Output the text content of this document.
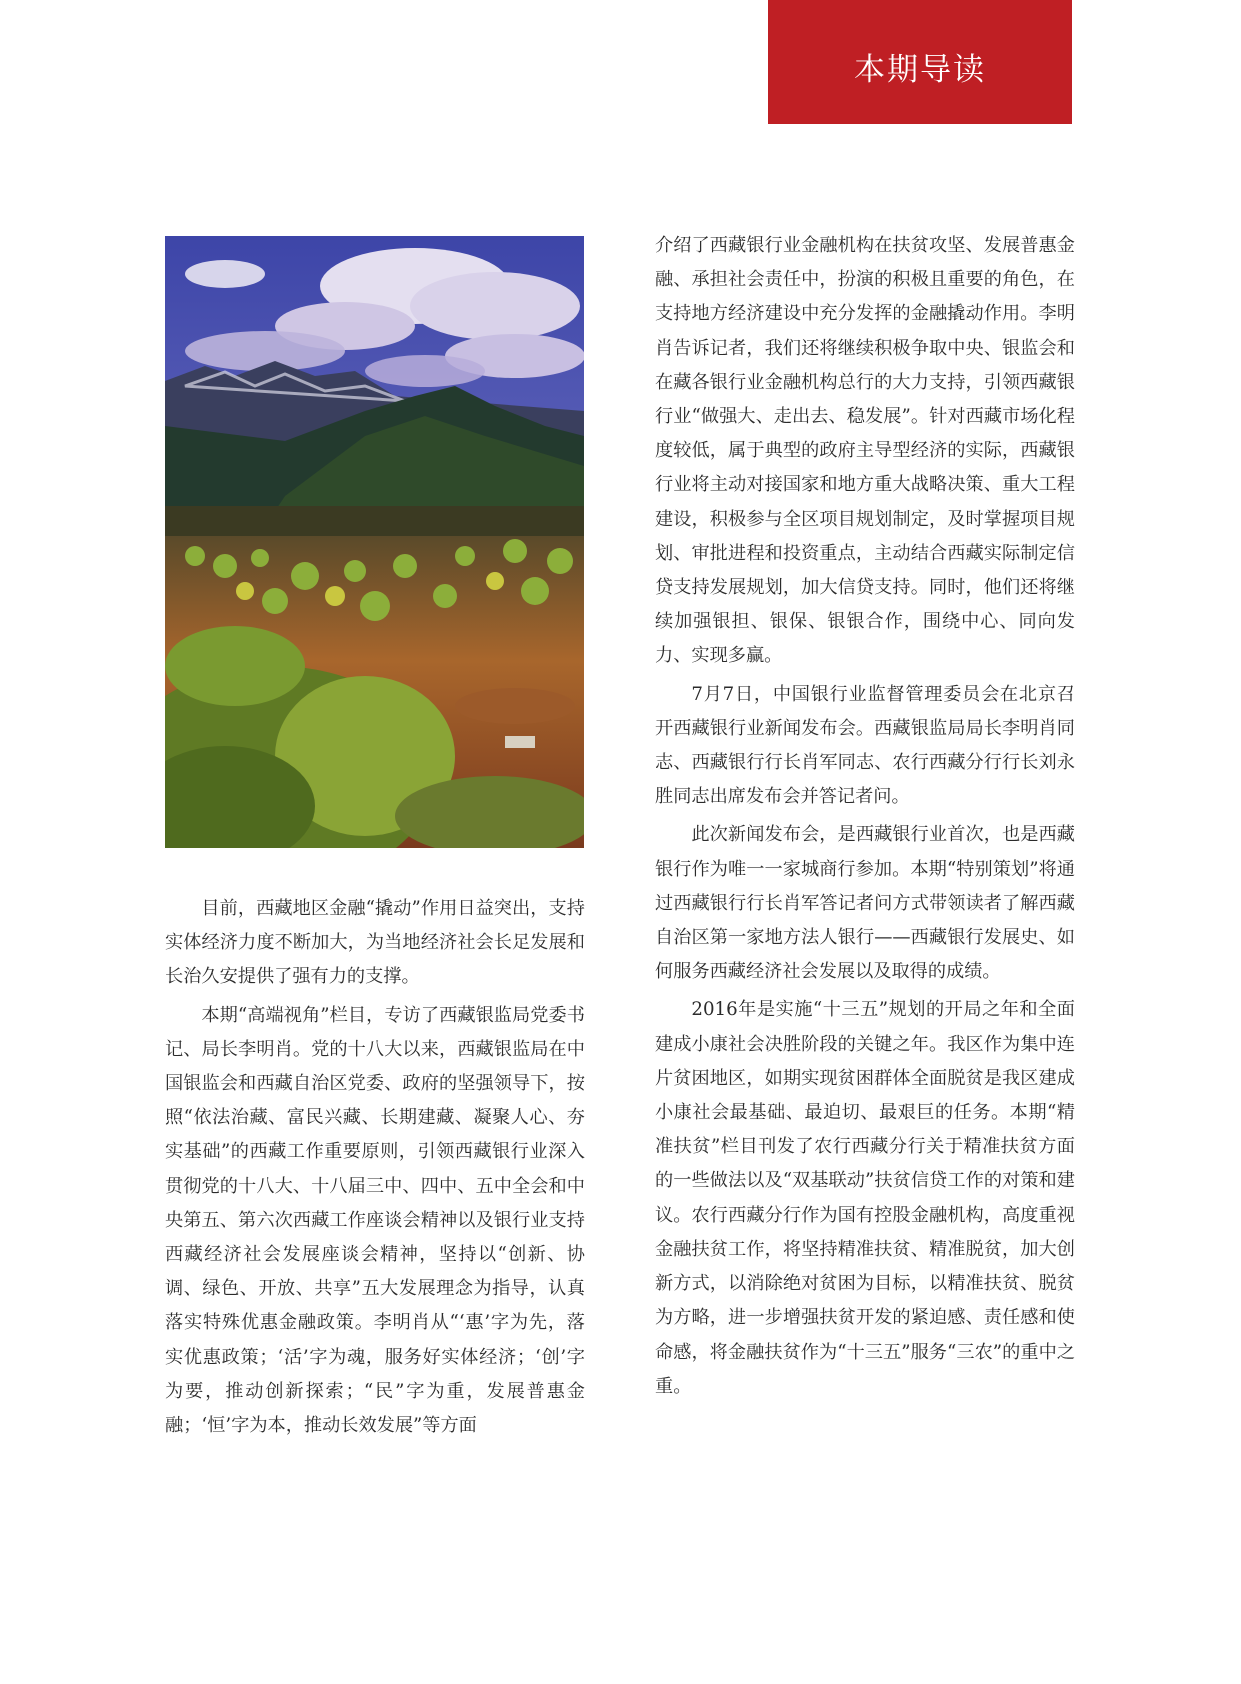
本期导读

目前，西藏地区金融“撬动”作用日益突出，支持实体经济力度不断加大，为当地经济社会长足发展和长治久安提供了强有力的支撑。

本期“高端视角”栏目，专访了西藏银监局党委书记、局长李明肖。党的十八大以来，西藏银监局在中国银监会和西藏自治区党委、政府的坚强领导下，按照“依法治藏、富民兴藏、长期建藏、凝聚人心、夯实基础”的西藏工作重要原则，引领西藏银行业深入贯彻党的十八大、十八届三中、四中、五中全会和中央第五、第六次西藏工作座谈会精神以及银行业支持西藏经济社会发展座谈会精神，坚持以“创新、协调、绿色、开放、共享”五大发展理念为指导，认真落实特殊优惠金融政策。李明肖从“‘惠’字为先，落实优惠政策；‘活’字为魂，服务好实体经济；‘创’字为要，推动创新探索；“民”字为重，发展普惠金融；‘恒’字为本，推动长效发展”等方面

介绍了西藏银行业金融机构在扶贫攻坚、发展普惠金融、承担社会责任中，扮演的积极且重要的角色，在支持地方经济建设中充分发挥的金融撬动作用。李明肖告诉记者，我们还将继续积极争取中央、银监会和在藏各银行业金融机构总行的大力支持，引领西藏银行业“做强大、走出去、稳发展”。针对西藏市场化程度较低，属于典型的政府主导型经济的实际，西藏银行业将主动对接国家和地方重大战略决策、重大工程建设，积极参与全区项目规划制定，及时掌握项目规划、审批进程和投资重点，主动结合西藏实际制定信贷支持发展规划，加大信贷支持。同时，他们还将继续加强银担、银保、银银合作，围绕中心、同向发力、实现多赢。

7月7日，中国银行业监督管理委员会在北京召开西藏银行业新闻发布会。西藏银监局局长李明肖同志、西藏银行行长肖军同志、农行西藏分行行长刘永胜同志出席发布会并答记者问。

此次新闻发布会，是西藏银行业首次，也是西藏银行作为唯一一家城商行参加。本期“特别策划”将通过西藏银行行长肖军答记者问方式带领读者了解西藏自治区第一家地方法人银行——西藏银行发展史、如何服务西藏经济社会发展以及取得的成绩。

2016年是实施“十三五”规划的开局之年和全面建成小康社会决胜阶段的关键之年。我区作为集中连片贫困地区，如期实现贫困群体全面脱贫是我区建成小康社会最基础、最迫切、最艰巨的任务。本期“精准扶贫”栏目刊发了农行西藏分行关于精准扶贫方面的一些做法以及“双基联动”扶贫信贷工作的对策和建议。农行西藏分行作为国有控股金融机构，高度重视金融扶贫工作，将坚持精准扶贫、精准脱贫，加大创新方式，以消除绝对贫困为目标，以精准扶贫、脱贫为方略，进一步增强扶贫开发的紧迫感、责任感和使命感，将金融扶贫作为“十三五”服务“三农”的重中之重。
